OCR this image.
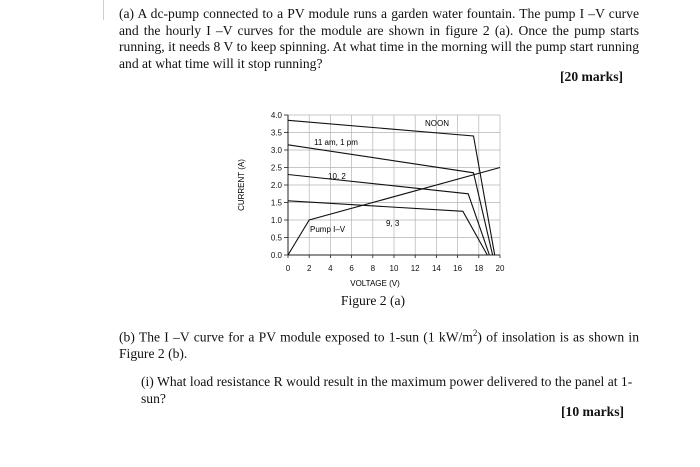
(a) A dc-pump connected to a PV module runs a garden water fountain. The pump I –V curve and the hourly I –V curves for the module are shown in figure 2 (a). Once the pump starts running, it needs 8 V to keep spinning. At what time in the morning will the pump start running and at what time will it stop running?
[20 marks]
0.0
0.5
1.0
1.5
2.0
2.5
3.0
3.5
4.0
0 2 4 6 8 10 12 14 16 18 20
CURRENT (A)
VOLTAGE (V)
NOON
11 am, 1 pm
10, 2
9, 3
Pump I–V
Figure 2 (a)
(b) The I –V curve for a PV module exposed to 1-sun (1 $kW/m^2$) of insolation is as shown in Figure 2 (b).
(i) What load resistance R would result in the maximum power delivered to the panel at 1-sun?
[10 marks]
